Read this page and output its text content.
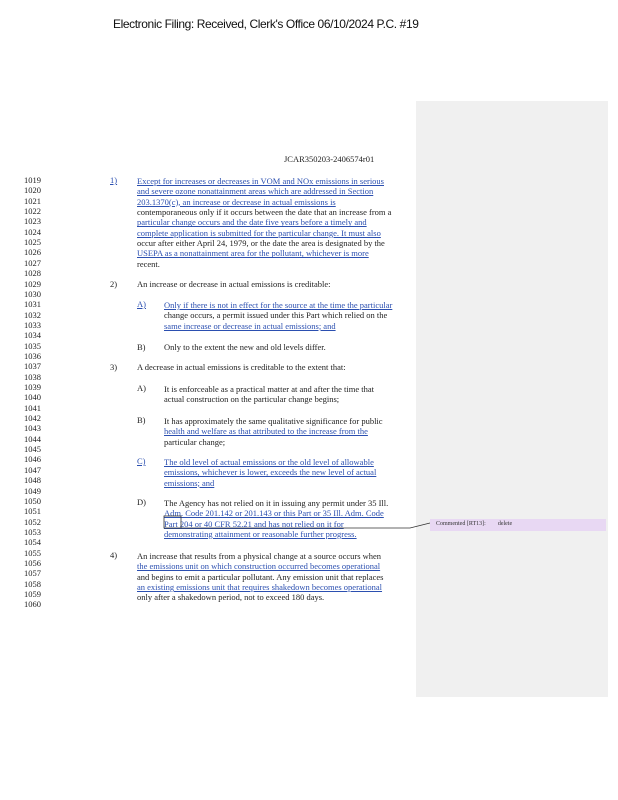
Electronic Filing: Received, Clerk's Office 06/10/2024 P.C. #19
JCAR350203-2406574r01
1019
1020
1021
1022
1023
1024
1025
1026
1027
1028
1029
1030
1031
1032
1033
1034
1035
1036
1037
1038
1039
1040
1041
1042
1043
1044
1045
1046
1047
1048
1049
1050
1051
1052
1053
1054
1055
1056
1057
1058
1059
1060
1) Except for increases or decreases in VOM and NOx emissions in serious
and severe ozone nonattainment areas which are addressed in Section
203.1370(c), an increase or decrease in actual emissions is
contemporaneous only if it occurs between the date that an increase from a
particular change occurs and the date five years before a timely and
complete application is submitted for the particular change. It must also
occur after either April 24, 1979, or the date the area is designated by the
USEPA as a nonattainment area for the pollutant, whichever is more
recent.
2) An increase or decrease in actual emissions is creditable:
A) Only if there is not in effect for the source at the time the particular
change occurs, a permit issued under this Part which relied on the
same increase or decrease in actual emissions; and
B) Only to the extent the new and old levels differ.
3) A decrease in actual emissions is creditable to the extent that:
A) It is enforceable as a practical matter at and after the time that
actual construction on the particular change begins;
B) It has approximately the same qualitative significance for public
health and welfare as that attributed to the increase from the
particular change;
C) The old level of actual emissions or the old level of allowable
emissions, whichever is lower, exceeds the new level of actual
emissions; and
D) The Agency has not relied on it in issuing any permit under 35 Ill.
Adm. Code 201.142 or 201.143 or this Part or 35 Ill. Adm. Code
Part 204 or 40 CFR 52.21 and has not relied on it for
demonstrating attainment or reasonable further progress.
4) An increase that results from a physical change at a source occurs when
the emissions unit on which construction occurred becomes operational
and begins to emit a particular pollutant. Any emission unit that replaces
an existing emissions unit that requires shakedown becomes operational
only after a shakedown period, not to exceed 180 days.
Commented [RT13]: delete
